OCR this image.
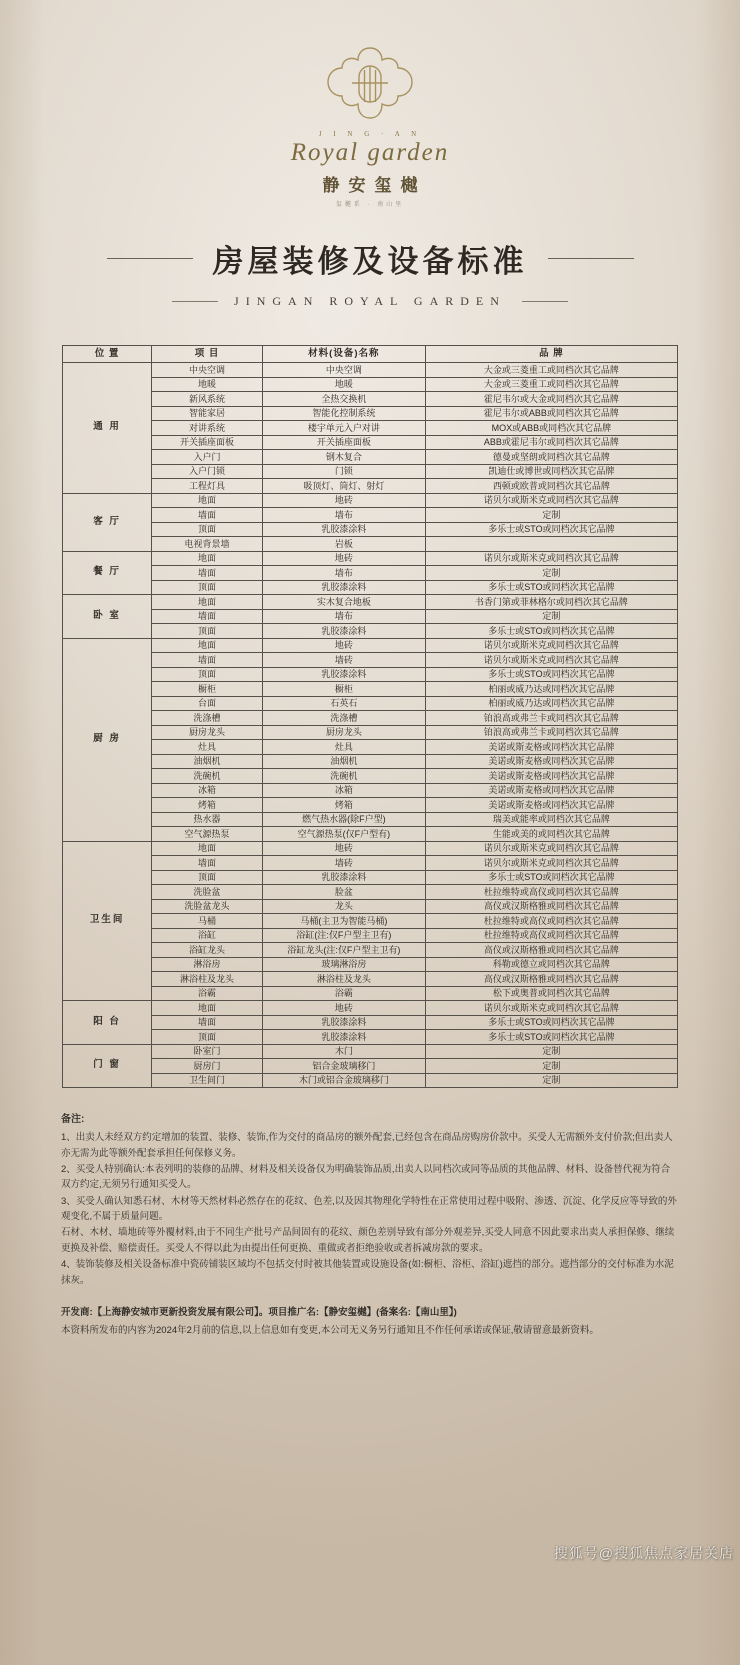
J I N G · A N
Royal garden
静安玺樾
玺樾系 · 南山里
房屋装修及设备标准
JINGAN ROYAL GARDEN
位 置	项 目	材料(设备)名称	品 牌
通 用	中央空调	中央空调	大金或三菱重工或同档次其它品牌
	地暖	地暖	大金或三菱重工或同档次其它品牌
	新风系统	全热交换机	霍尼韦尔或大金或同档次其它品牌
	智能家居	智能化控制系统	霍尼韦尔或ABB或同档次其它品牌
	对讲系统	楼宇单元入户对讲	MOX或ABB或同档次其它品牌
	开关插座面板	开关插座面板	ABB或霍尼韦尔或同档次其它品牌
	入户门	钢木复合	德曼或坚朗或同档次其它品牌
	入户门锁	门锁	凯迪仕或博世或同档次其它品牌
	工程灯具	吸顶灯、筒灯、射灯	西顿或欧普或同档次其它品牌
客 厅	地面	地砖	诺贝尔或斯米克或同档次其它品牌
	墙面	墙布	定制
	顶面	乳胶漆涂料	多乐士或STO或同档次其它品牌
	电视背景墙	岩板	
餐 厅	地面	地砖	诺贝尔或斯米克或同档次其它品牌
	墙面	墙布	定制
	顶面	乳胶漆涂料	多乐士或STO或同档次其它品牌
卧 室	地面	实木复合地板	书香门第或菲林格尔或同档次其它品牌
	墙面	墙布	定制
	顶面	乳胶漆涂料	多乐士或STO或同档次其它品牌
厨 房	地面	地砖	诺贝尔或斯米克或同档次其它品牌
	墙面	墙砖	诺贝尔或斯米克或同档次其它品牌
	顶面	乳胶漆涂料	多乐士或STO或同档次其它品牌
	橱柜	橱柜	柏丽或威乃达或同档次其它品牌
	台面	石英石	柏丽或威乃达或同档次其它品牌
	洗涤槽	洗涤槽	铂浪高或弗兰卡或同档次其它品牌
	厨房龙头	厨房龙头	铂浪高或弗兰卡或同档次其它品牌
	灶具	灶具	美诺或斯麦格或同档次其它品牌
	油烟机	油烟机	美诺或斯麦格或同档次其它品牌
	洗碗机	洗碗机	美诺或斯麦格或同档次其它品牌
	冰箱	冰箱	美诺或斯麦格或同档次其它品牌
	烤箱	烤箱	美诺或斯麦格或同档次其它品牌
	热水器	燃气热水器(除F户型)	瑞美或能率或同档次其它品牌
	空气源热泵	空气源热泵(仅F户型有)	生能或美的或同档次其它品牌
卫生间	地面	地砖	诺贝尔或斯米克或同档次其它品牌
	墙面	墙砖	诺贝尔或斯米克或同档次其它品牌
	顶面	乳胶漆涂料	多乐士或STO或同档次其它品牌
	洗脸盆	脸盆	杜拉维特或高仪或同档次其它品牌
	洗脸盆龙头	龙头	高仪或汉斯格雅或同档次其它品牌
	马桶	马桶(主卫为智能马桶)	杜拉维特或高仪或同档次其它品牌
	浴缸	浴缸(注:仅F户型主卫有)	杜拉维特或高仪或同档次其它品牌
	浴缸龙头	浴缸龙头(注:仅F户型主卫有)	高仪或汉斯格雅或同档次其它品牌
	淋浴房	玻璃淋浴房	科勒或德立或同档次其它品牌
	淋浴柱及龙头	淋浴柱及龙头	高仪或汉斯格雅或同档次其它品牌
	浴霸	浴霸	松下或奥普或同档次其它品牌
阳 台	地面	地砖	诺贝尔或斯米克或同档次其它品牌
	墙面	乳胶漆涂料	多乐士或STO或同档次其它品牌
	顶面	乳胶漆涂料	多乐士或STO或同档次其它品牌
门 窗	卧室门	木门	定制
	厨房门	铝合金玻璃移门	定制
	卫生间门	木门或铝合金玻璃移门	定制
备注:

1、出卖人未经双方约定增加的装置、装修、装饰,作为交付的商品房的额外配套,已经包含在商品房购房价款中。买受人无需额外支付价款;但出卖人亦无需为此等额外配套承担任何保修义务。

2、买受人特别确认:本表列明的装修的品牌、材料及相关设备仅为明确装饰品质,出卖人以同档次或同等品质的其他品牌、材料、设备替代视为符合双方约定,无须另行通知买受人。

3、买受人确认知悉石材、木材等天然材料必然存在的花纹、色差,以及因其物理化学特性在正常使用过程中吸附、渗透、沉淀、化学反应等导致的外观变化,不属于质量问题。

石材、木材、墙地砖等外覆材料,由于不同生产批号产品间固有的花纹、颜色差别导致有部分外观差异,买受人同意不因此要求出卖人承担保修、继续更换及补偿、赔偿责任。买受人不得以此为由提出任何更换、重做或者拒绝验收或者拆减房款的要求。

4、装饰装修及相关设备标准中瓷砖铺装区域均不包括交付时被其他装置或设施设备(如:橱柜、浴柜、浴缸)遮挡的部分。遮挡部分的交付标准为水泥抹灰。

开发商:【上海静安城市更新投资发展有限公司】。项目推广名:【静安玺樾】(备案名:【南山里】)
本资料所发布的内容为2024年2月前的信息,以上信息如有变更,本公司无义务另行通知且不作任何承诺或保证,敬请留意最新资料。
搜狐号@搜狐焦点家居关店
